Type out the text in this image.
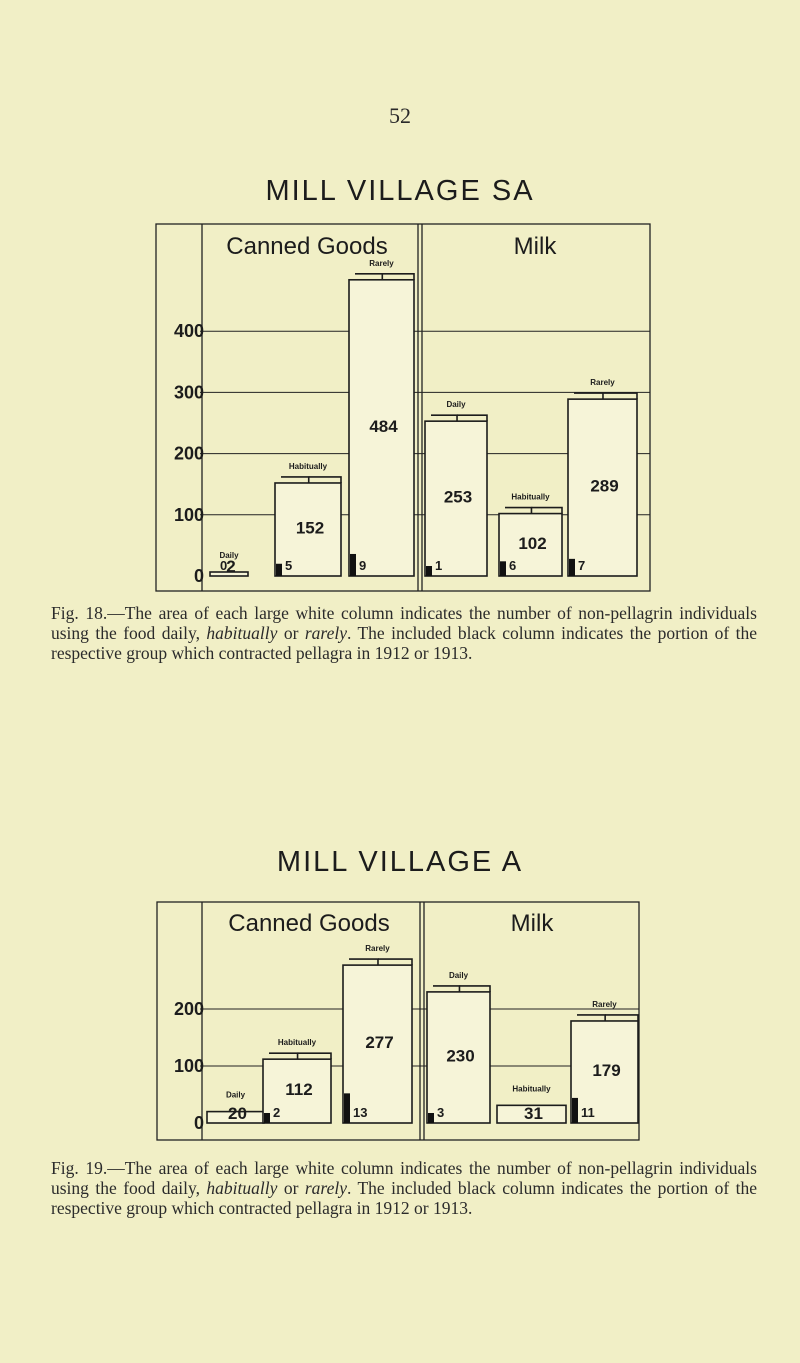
52
MILL VILLAGE SA
Canned Goods	Milk
400
300
200
100
0
Daily
2
0
Habitually
152
5
Rarely
484
9
Daily
253
1
Habitually
102
6
Rarely
289
7
Fig. 18.—The area of each large white column indicates the number of non-pellagrin individuals using the food daily, habitually or rarely. The included black column indicates the portion of the respective group which contracted pellagra in 1912 or 1913.
MILL VILLAGE A
Canned Goods	Milk
200
100
0
Daily
20
Habitually
112
2
Rarely
277
13
Daily
230
3
Habitually
31
Rarely
179
11
Fig. 19.—The area of each large white column indicates the number of non-pellagrin individuals using the food daily, habitually or rarely. The included black column indicates the portion of the respective group which contracted pellagra in 1912 or 1913.
